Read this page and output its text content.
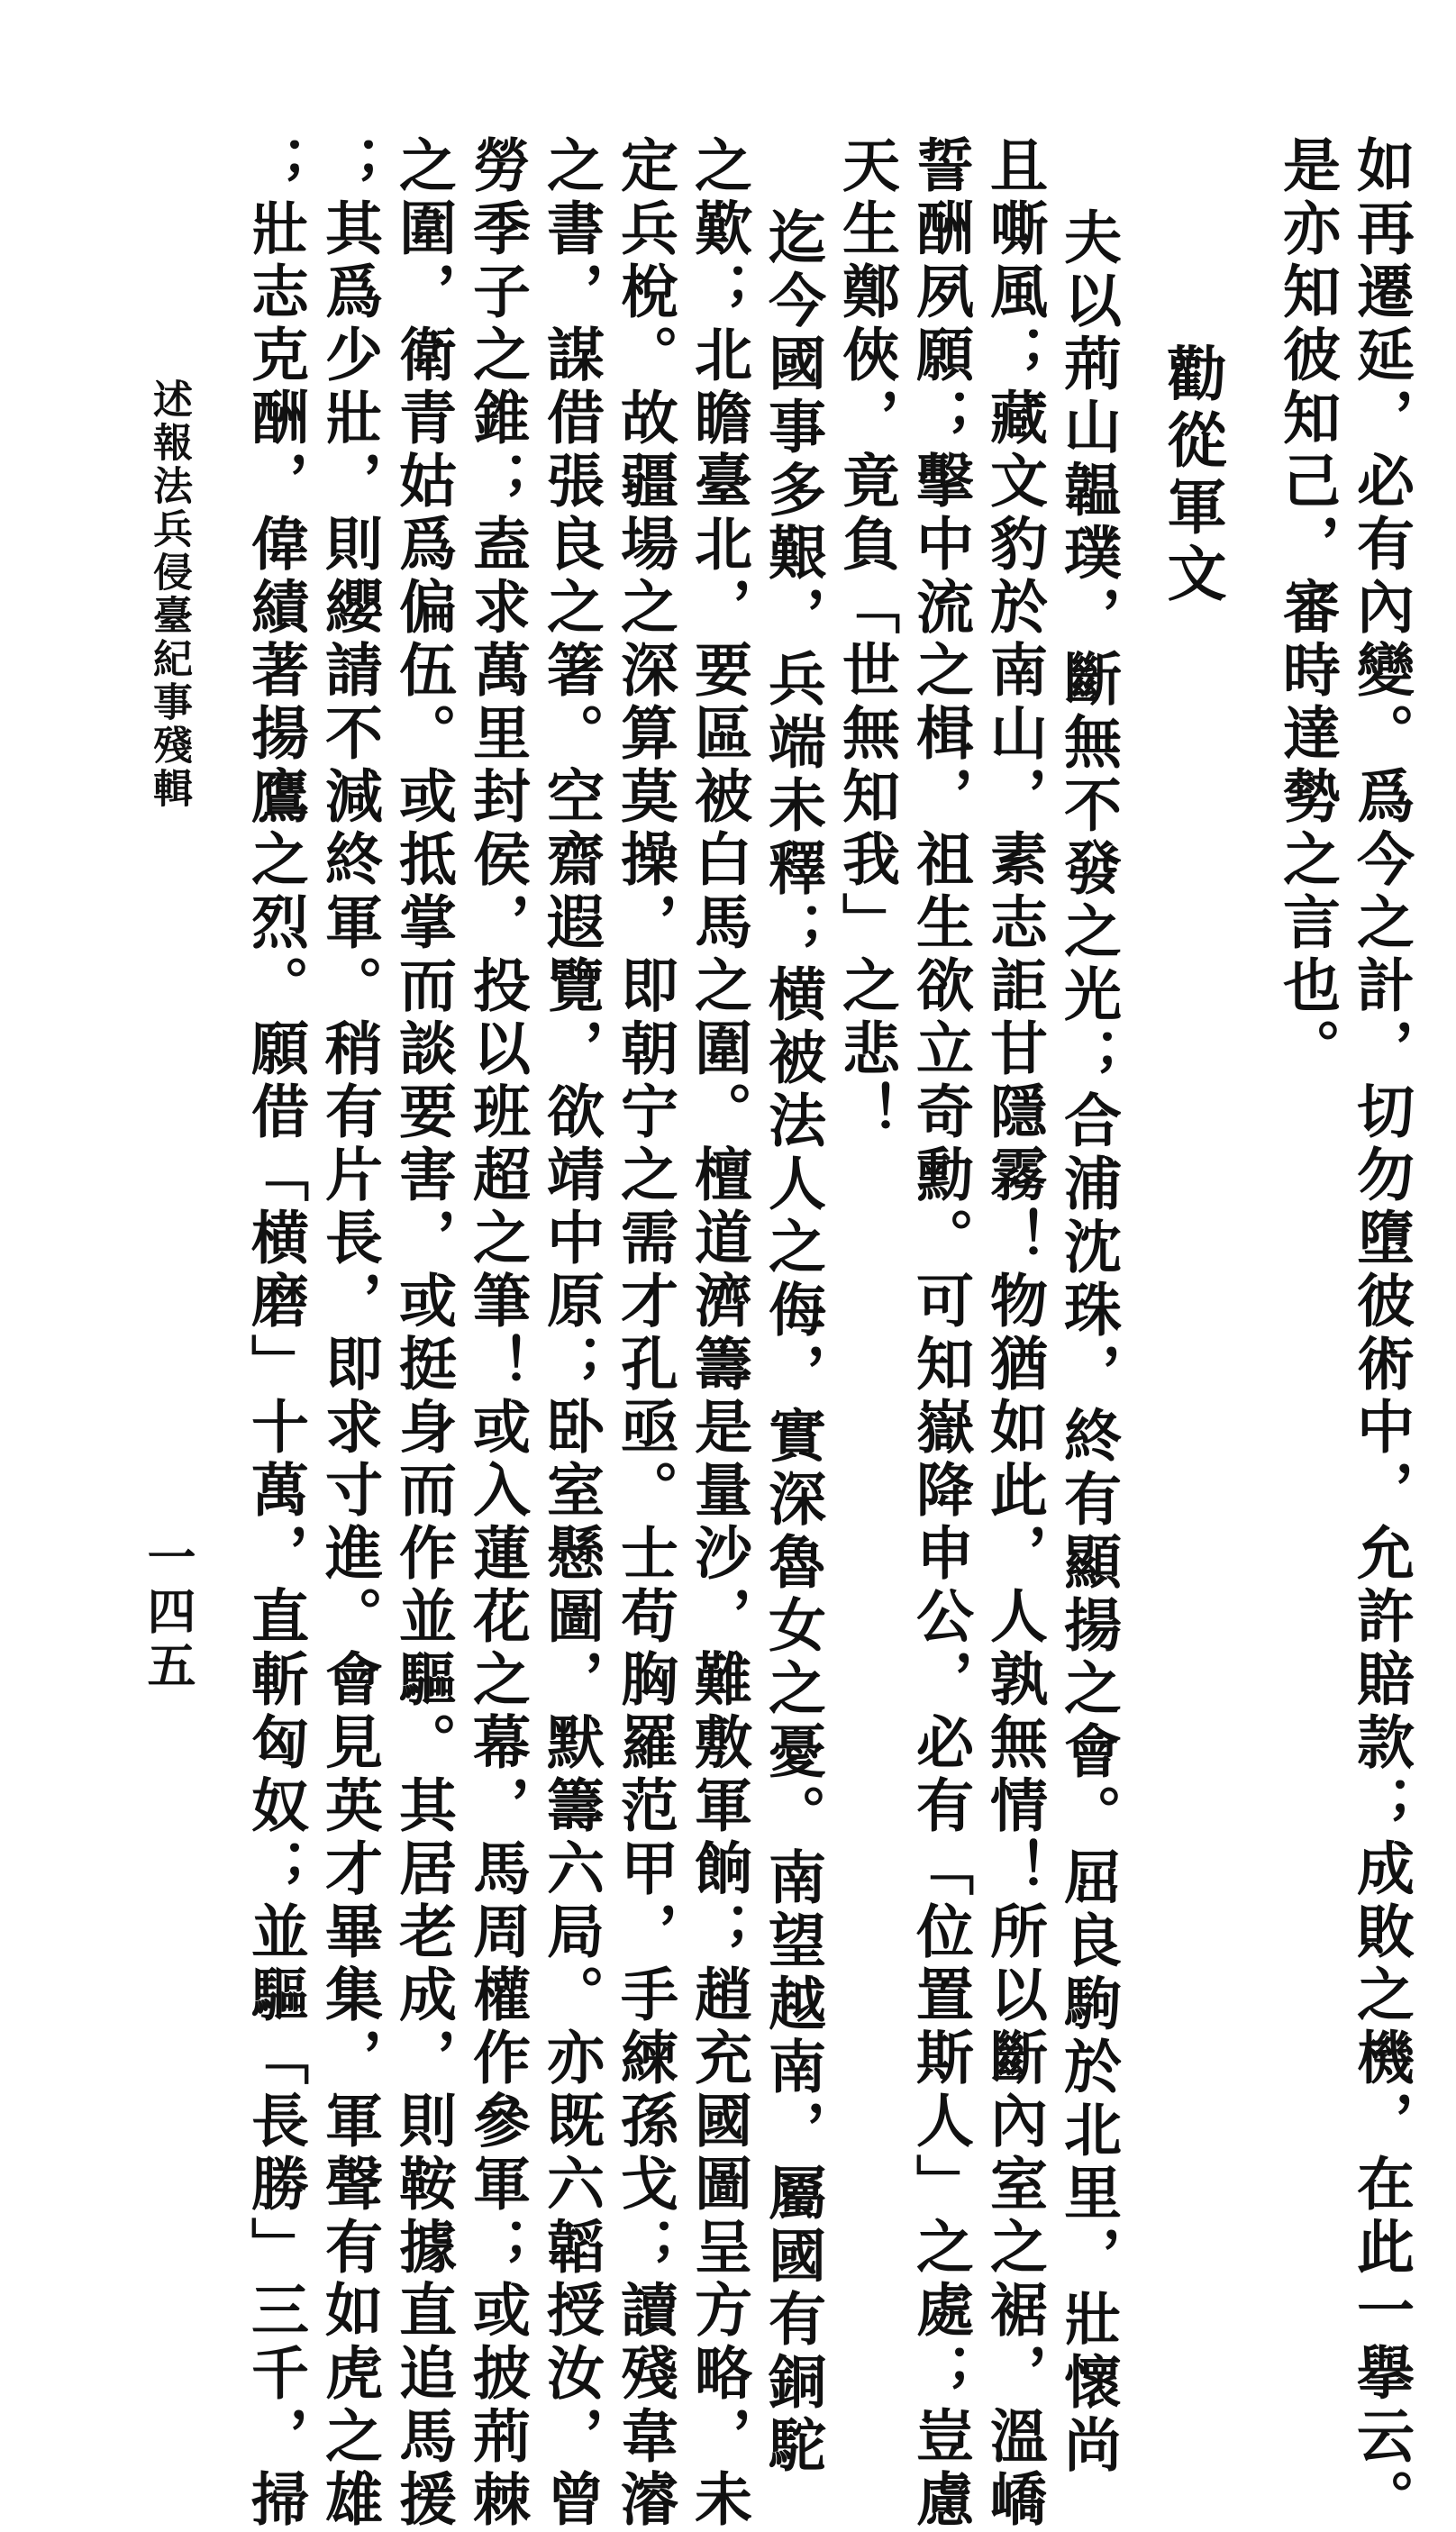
如再遷延，必有內變。爲今之計，切勿墮彼術中，允許賠款；成敗之機，在此一擧云。
是亦知彼知己，審時達勢之言也。
勸從軍文
夫以荊山韞璞，斷無不發之光；合浦沈珠，終有顯揚之會。屈良駒於北里，壯懷尚
且嘶風；藏文豹於南山，素志詎甘隱霧！物猶如此，人孰無情！所以斷內室之裾，溫嶠
誓酬夙願；擊中流之楫，祖生欲立奇勳。可知嶽降申公，必有「位置斯人」之處；豈慮
天生鄭俠，竟負「世無知我」之悲！
迄今國事多艱，兵端未釋；横被法人之侮，實深魯女之憂。南望越南，屬國有銅駝
之歎；北瞻臺北，要區被白馬之圍。檀道濟籌是量沙，難敷軍餉；趙充國圖呈方略，未
定兵梲。故疆場之深算莫操，即朝宁之需才孔亟。士苟胸羅范甲，手練孫戈；讀殘韋濬
之書，謀借張良之箸。空齋遐覽，欲靖中原；卧室懸圖，默籌六局。亦既六韜授汝，曾
勞季子之錐；盍求萬里封侯，投以班超之筆！或入蓮花之幕，馬周權作參軍；或披荊棘
之圍，衛青姑爲偏伍。或抵掌而談要害，或挺身而作並驅。其居老成，則鞍據直追馬援
；其爲少壯，則纓請不減終軍。稍有片長，即求寸進。會見英才畢集，軍聲有如虎之雄
；壯志克酬，偉績著揚鷹之烈。願借「横磨」十萬，直斬匈奴；並驅「長勝」三千，掃
述報法兵侵臺紀事殘輯
一四五
